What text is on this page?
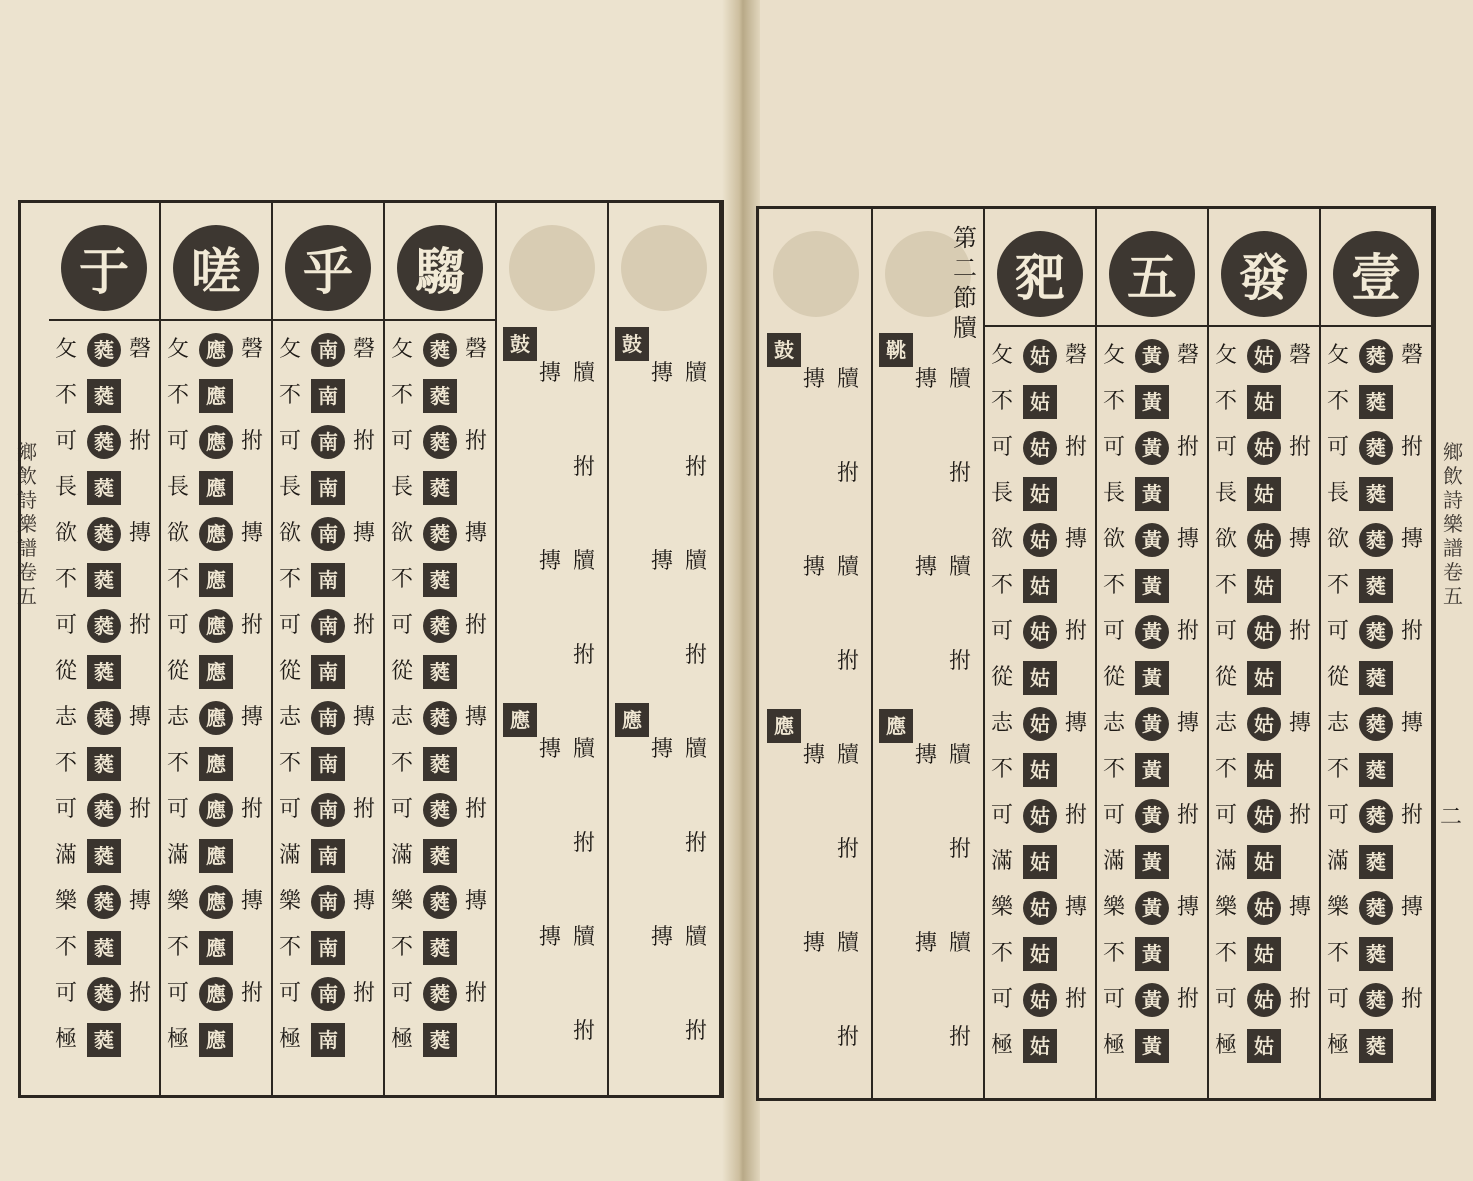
鄉
飲
詩
樂
譜
卷
五
鄉
飲
詩
樂
譜
卷
五
鼓
應
摶
摶
摶
摶
牘
拊
牘
拊
牘
拊
牘
拊
鼓
應
摶
摶
摶
摶
牘
拊
牘
拊
牘
拊
牘
拊
騶
攵
不
可
長
欲
不
可
從
志
不
可
滿
樂
不
可
極
蕤
蕤
蕤
蕤
蕤
蕤
蕤
蕤
蕤
蕤
蕤
蕤
蕤
蕤
蕤
蕤
磬
拊
摶
拊
摶
拊
摶
拊
乎
攵
不
可
長
欲
不
可
從
志
不
可
滿
樂
不
可
極
南
南
南
南
南
南
南
南
南
南
南
南
南
南
南
南
磬
拊
摶
拊
摶
拊
摶
拊
嗟
攵
不
可
長
欲
不
可
從
志
不
可
滿
樂
不
可
極
應
應
應
應
應
應
應
應
應
應
應
應
應
應
應
應
磬
拊
摶
拊
摶
拊
摶
拊
于
攵
不
可
長
欲
不
可
從
志
不
可
滿
樂
不
可
極
蕤
蕤
蕤
蕤
蕤
蕤
蕤
蕤
蕤
蕤
蕤
蕤
蕤
蕤
蕤
蕤
磬
拊
摶
拊
摶
拊
摶
拊
壹
攵
不
可
長
欲
不
可
從
志
不
可
滿
樂
不
可
極
蕤
蕤
蕤
蕤
蕤
蕤
蕤
蕤
蕤
蕤
蕤
蕤
蕤
蕤
蕤
蕤
磬
拊
摶
拊
摶
拊
摶
拊
發
攵
不
可
長
欲
不
可
從
志
不
可
滿
樂
不
可
極
姑
姑
姑
姑
姑
姑
姑
姑
姑
姑
姑
姑
姑
姑
姑
姑
磬
拊
摶
拊
摶
拊
摶
拊
五
攵
不
可
長
欲
不
可
從
志
不
可
滿
樂
不
可
極
黃
黃
黃
黃
黃
黃
黃
黃
黃
黃
黃
黃
黃
黃
黃
黃
磬
拊
摶
拊
摶
拊
摶
拊
豝
攵
不
可
長
欲
不
可
從
志
不
可
滿
樂
不
可
極
姑
姑
姑
姑
姑
姑
姑
姑
姑
姑
姑
姑
姑
姑
姑
姑
磬
拊
摶
拊
摶
拊
摶
拊
鞉
應
摶
摶
摶
摶
牘
拊
牘
拊
牘
拊
牘
拊
鼓
應
摶
摶
摶
摶
牘
拊
牘
拊
牘
拊
牘
拊
第
二
節
牘
二
